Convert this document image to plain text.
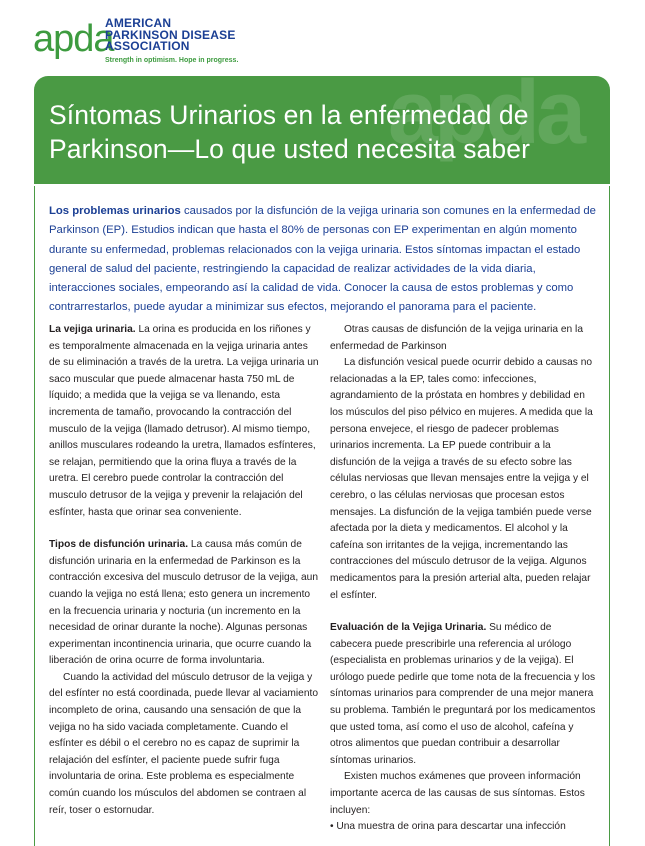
apda
AMERICAN
PARKINSON DISEASE
ASSOCIATION
Strength in optimism. Hope in progress.
apda
Síntomas Urinarios en la enfermedad de
Parkinson—Lo que usted necesita saber
Los problemas urinarios causados por la disfunción de la vejiga urinaria son comunes en la enfermedad de Parkinson (EP). Estudios indican que hasta el 80% de personas con EP experimentan en algún momento durante su enfermedad, problemas relacionados con la vejiga urinaria. Estos síntomas impactan el estado general de salud del paciente, restringiendo la capacidad de realizar actividades de la vida diaria, interacciones sociales, empeorando así la calidad de vida. Conocer la causa de estos problemas y como contrarrestarlos, puede ayudar a minimizar sus efectos, mejorando el panorama para el paciente.

La vejiga urinaria. La orina es producida en los riñones y es temporalmente almacenada en la vejiga urinaria antes de su eliminación a través de la uretra. La vejiga urinaria un saco muscular que puede almacenar hasta 750 mL de líquido; a medida que la vejiga se va llenando, esta incrementa de tamaño, provocando la contracción del musculo de la vejiga (llamado detrusor). Al mismo tiempo, anillos musculares rodeando la uretra, llamados esfínteres, se relajan, permitiendo que la orina fluya a través de la uretra. El cerebro puede controlar la contracción del musculo detrusor de la vejiga y prevenir la relajación del esfínter, hasta que orinar sea conveniente.

Tipos de disfunción urinaria. La causa más común de disfunción urinaria en la enfermedad de Parkinson es la contracción excesiva del musculo detrusor de la vejiga, aun cuando la vejiga no está llena; esto genera un incremento en la frecuencia urinaria y nocturia (un incremento en la necesidad de orinar durante la noche). Algunas personas experimentan incontinencia urinaria, que ocurre cuando la liberación de orina ocurre de forma involuntaria.

Cuando la actividad del músculo detrusor de la vejiga y del esfínter no está coordinada, puede llevar al vaciamiento incompleto de orina, causando una sensación de que la vejiga no ha sido vaciada completamente. Cuando el esfínter es débil o el cerebro no es capaz de suprimir la relajación del esfínter, el paciente puede sufrir fuga involuntaria de orina. Este problema es especialmente común cuando los músculos del abdomen se contraen al reír, toser o estornudar.

Otras causas de disfunción de la vejiga urinaria en la enfermedad de Parkinson

La disfunción vesical puede ocurrir debido a causas no relacionadas a la EP, tales como: infecciones, agrandamiento de la próstata en hombres y debilidad en los músculos del piso pélvico en mujeres. A medida que la persona envejece, el riesgo de padecer problemas urinarios incrementa. La EP puede contribuir a la disfunción de la vejiga a través de su efecto sobre las células nerviosas que llevan mensajes entre la vejiga y el cerebro, o las células nerviosas que procesan estos mensajes. La disfunción de la vejiga también puede verse afectada por la dieta y medicamentos. El alcohol y la cafeína son irritantes de la vejiga, incrementando las contracciones del músculo detrusor de la vejiga. Algunos medicamentos para la presión arterial alta, pueden relajar el esfínter.

Evaluación de la Vejiga Urinaria. Su médico de cabecera puede prescribirle una referencia al urólogo (especialista en problemas urinarios y de la vejiga). El urólogo puede pedirle que tome nota de la frecuencia y los síntomas urinarios para comprender de una mejor manera su problema. También le preguntará por los medicamentos que usted toma, así como el uso de alcohol, cafeína y otros alimentos que puedan contribuir a desarrollar síntomas urinarios.

Existen muchos exámenes que proveen información importante acerca de las causas de sus síntomas. Estos incluyen:

• Una muestra de orina para descartar una infección
